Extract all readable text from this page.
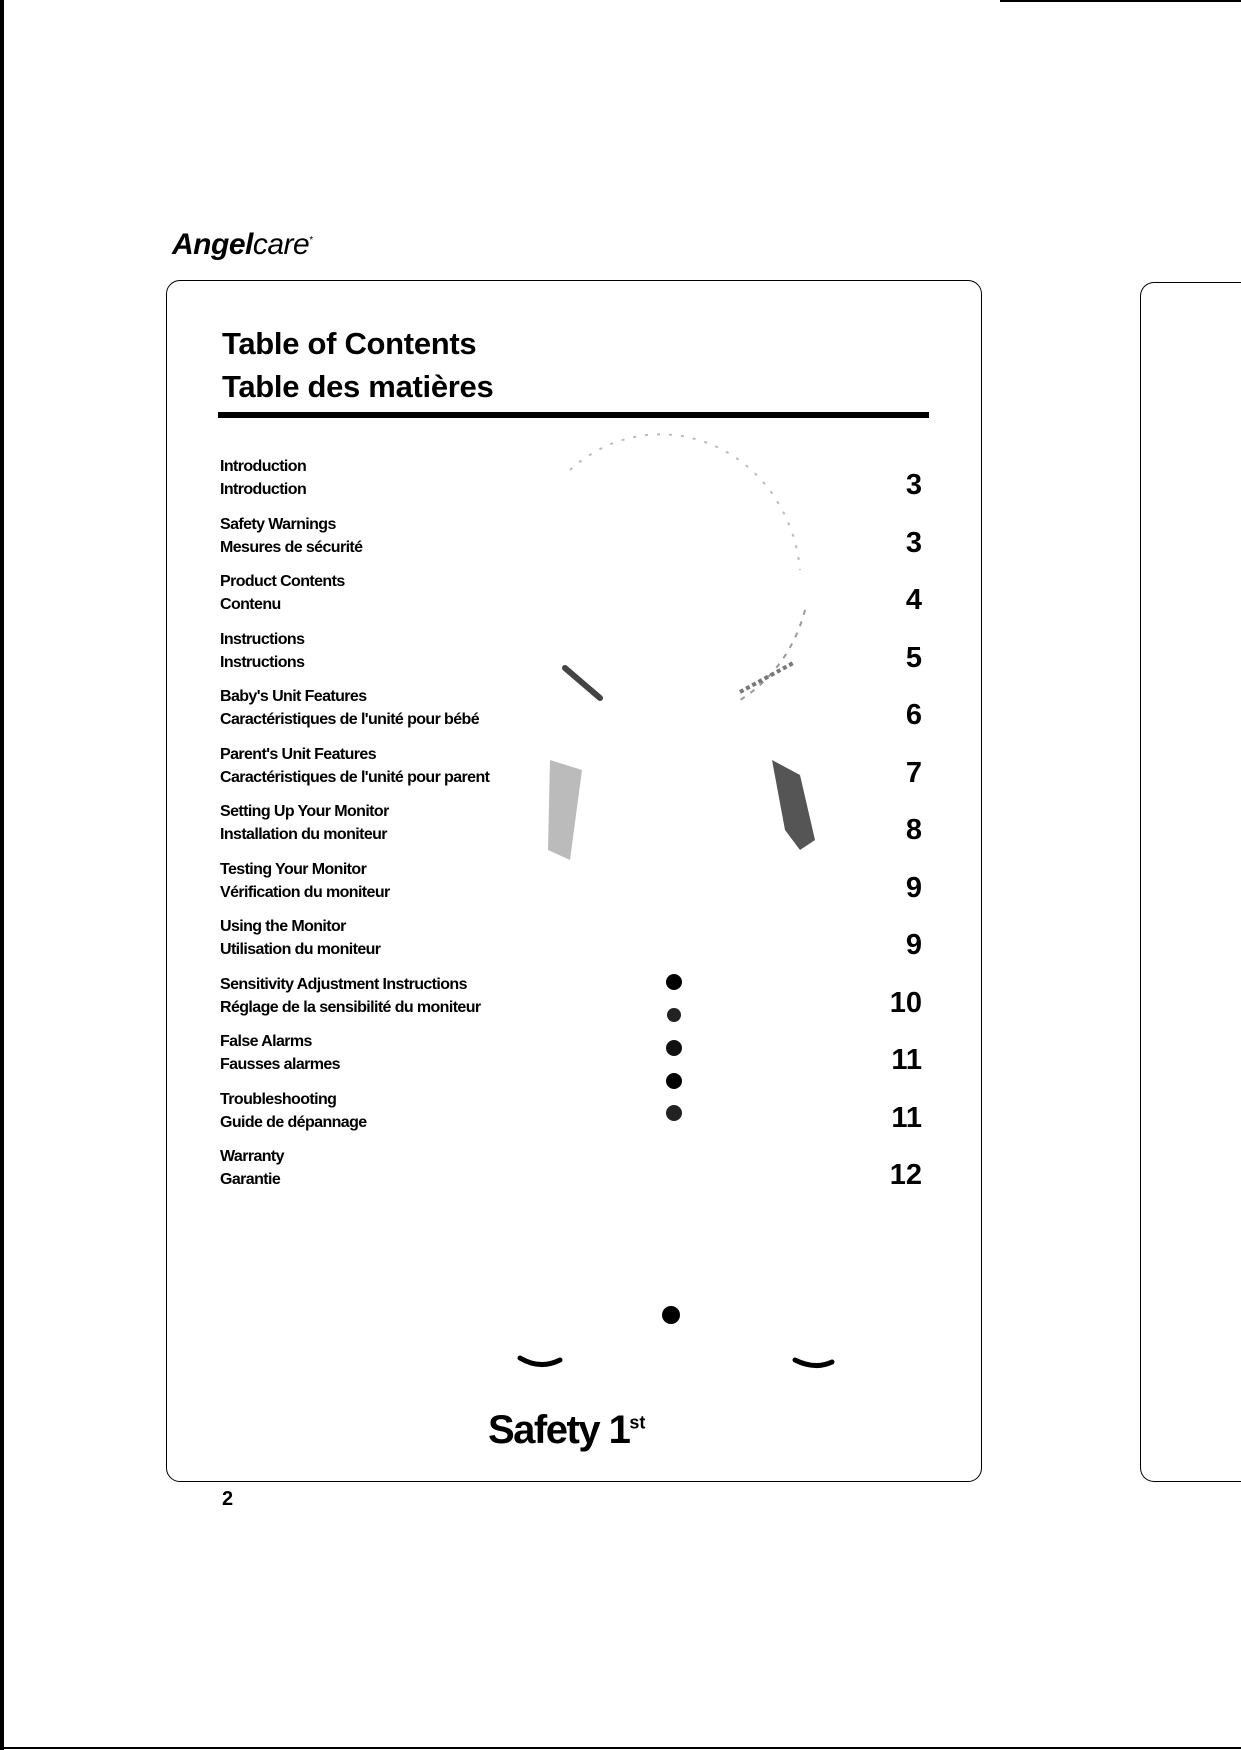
Angelcare*
Table of Contents
Table des matières
Introduction
Introduction	3
Safety Warnings
Mesures de sécurité	3
Product Contents
Contenu	4
Instructions
Instructions	5
Baby's Unit Features
Caractéristiques de l'unité pour bébé	6
Parent's Unit Features
Caractéristiques de l'unité pour parent	7
Setting Up Your Monitor
Installation du moniteur	8
Testing Your Monitor
Vérification du moniteur	9
Using the Monitor
Utilisation du moniteur	9
Sensitivity Adjustment Instructions
Réglage de la sensibilité du moniteur	10
False Alarms
Fausses alarmes	11
Troubleshooting
Guide de dépannage	11
Warranty
Garantie	12
Safety 1st
2
